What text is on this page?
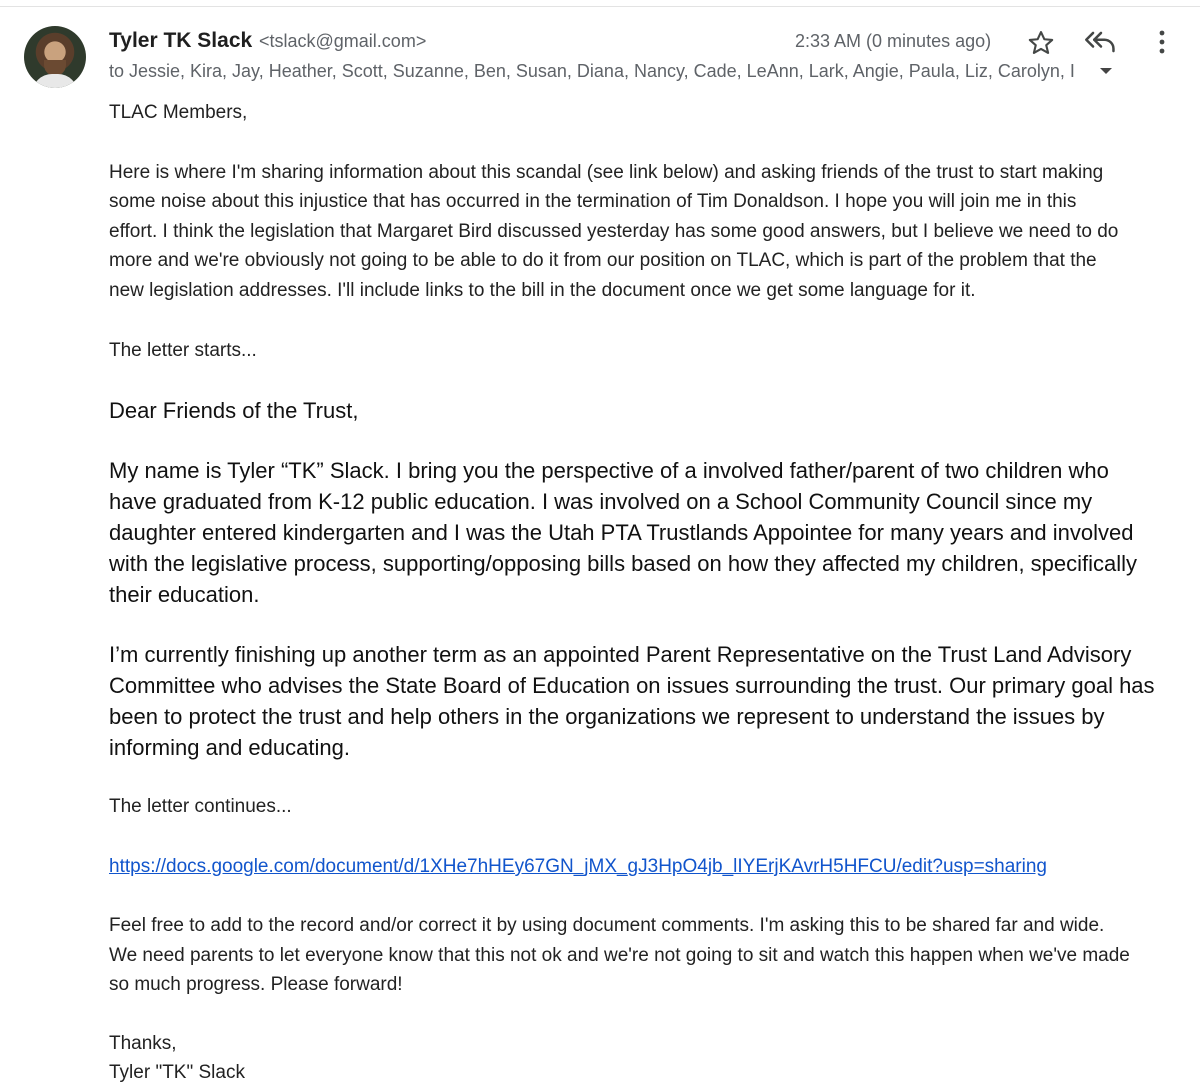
Tyler TK Slack <tslack@gmail.com>	2:33 AM (0 minutes ago)
to Jessie, Kira, Jay, Heather, Scott, Suzanne, Ben, Susan, Diana, Nancy, Cade, LeAnn, Lark, Angie, Paula, Liz, Carolyn, I

TLAC Members,

Here is where I'm sharing information about this scandal (see link below) and asking friends of the trust to start making

some noise about this injustice that has occurred in the termination of Tim Donaldson. I hope you will join me in this

effort. I think the legislation that Margaret Bird discussed yesterday has some good answers, but I believe we need to do

more and we're obviously not going to be able to do it from our position on TLAC, which is part of the problem that the

new legislation addresses. I'll include links to the bill in the document once we get some language for it.

The letter starts...

Dear Friends of the Trust,

My name is Tyler “TK” Slack. I bring you the perspective of a involved father/parent of two children who

have graduated from K-12 public education. I was involved on a School Community Council since my

daughter entered kindergarten and I was the Utah PTA Trustlands Appointee for many years and involved

with the legislative process, supporting/opposing bills based on how they affected my children, specifically

their education.

I’m currently finishing up another term as an appointed Parent Representative on the Trust Land Advisory

Committee who advises the State Board of Education on issues surrounding the trust. Our primary goal has

been to protect the trust and help others in the organizations we represent to understand the issues by

informing and educating.

The letter continues...

https://docs.google.com/document/d/1XHe7hHEy67GN_jMX_gJ3HpO4jb_lIYErjKAvrH5HFCU/edit?usp=sharing

Feel free to add to the record and/or correct it by using document comments. I'm asking this to be shared far and wide.

We need parents to let everyone know that this not ok and we're not going to sit and watch this happen when we've made

so much progress. Please forward!

Thanks,

Tyler "TK" Slack
